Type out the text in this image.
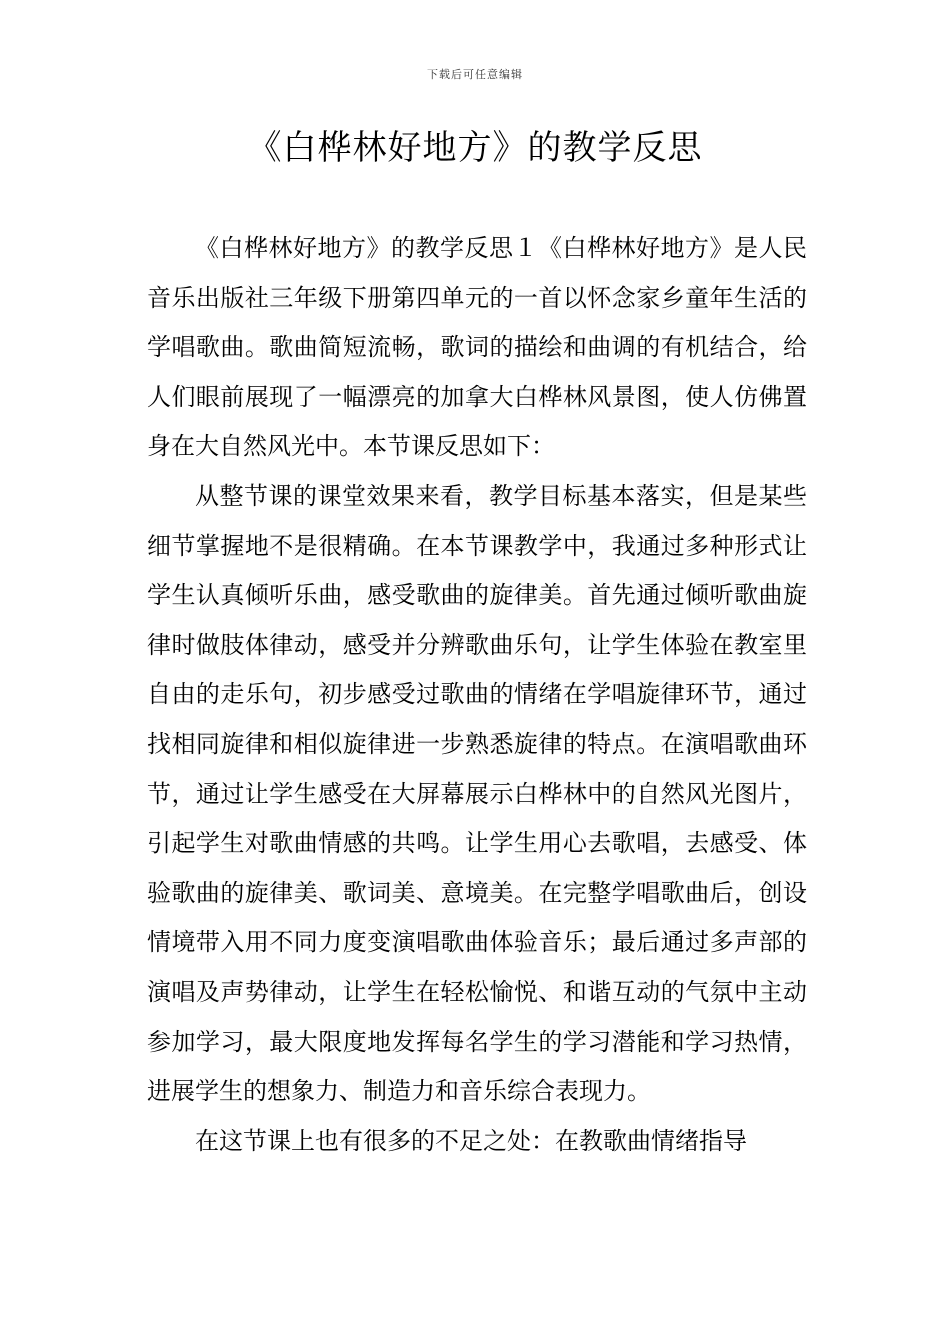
下载后可任意编辑
《白桦林好地方》的教学反思

《白桦林好地方》的教学反思１《白桦林好地方》是人民音乐出版社三年级下册第四单元的一首以怀念家乡童年生活的学唱歌曲。歌曲简短流畅，歌词的描绘和曲调的有机结合，给人们眼前展现了一幅漂亮的加拿大白桦林风景图，使人仿佛置身在大自然风光中。本节课反思如下：

从整节课的课堂效果来看，教学目标基本落实，但是某些细节掌握地不是很精确。在本节课教学中，我通过多种形式让学生认真倾听乐曲，感受歌曲的旋律美。首先通过倾听歌曲旋律时做肢体律动，感受并分辨歌曲乐句，让学生体验在教室里自由的走乐句，初步感受过歌曲的情绪在学唱旋律环节，通过找相同旋律和相似旋律进一步熟悉旋律的特点。在演唱歌曲环节，通过让学生感受在大屏幕展示白桦林中的自然风光图片，引起学生对歌曲情感的共鸣。让学生用心去歌唱，去感受、体验歌曲的旋律美、歌词美、意境美。在完整学唱歌曲后，创设情境带入用不同力度变演唱歌曲体验音乐；最后通过多声部的演唱及声势律动，让学生在轻松愉悦、和谐互动的气氛中主动参加学习，最大限度地发挥每名学生的学习潜能和学习热情，进展学生的想象力、制造力和音乐综合表现力。

在这节课上也有很多的不足之处：在教歌曲情绪指导
